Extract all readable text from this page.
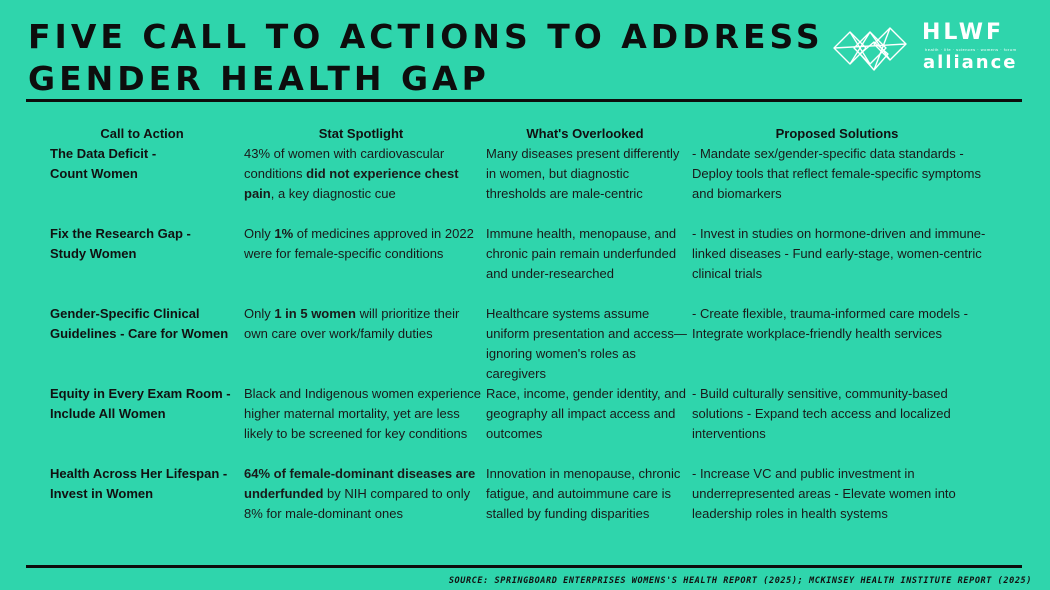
FIVE CALL TO ACTIONS TO ADDRESS
GENDER HEALTH GAP
HLWF
health · life · sciences · womens · forum
alliance
Call to Action	Stat Spotlight	What's Overlooked	Proposed Solutions
The Data Deficit -
Count Women	43% of women with cardiovascular conditions did not experience chest pain, a key diagnostic cue	Many diseases present differently in women, but diagnostic thresholds are male-centric	- Mandate sex/gender-specific data standards - Deploy tools that reflect female-specific symptoms and biomarkers
Fix the Research Gap -
Study Women	Only 1% of medicines approved in 2022 were for female-specific conditions	Immune health, menopause, and chronic pain remain underfunded and under-researched	- Invest in studies on hormone-driven and immune-linked diseases - Fund early-stage, women-centric clinical trials
Gender-Specific Clinical
Guidelines - Care for Women	Only 1 in 5 women will prioritize their own care over work/family duties	Healthcare systems assume uniform presentation and access—ignoring women's roles as caregivers	- Create flexible, trauma-informed care models - Integrate workplace-friendly health services
Equity in Every Exam Room -
Include All Women	Black and Indigenous women experience higher maternal mortality, yet are less likely to be screened for key conditions	Race, income, gender identity, and geography all impact access and outcomes	- Build culturally sensitive, community-based solutions - Expand tech access and localized interventions
Health Across Her Lifespan -
Invest in Women	64% of female-dominant diseases are underfunded by NIH compared to only 8% for male-dominant ones	Innovation in menopause, chronic fatigue, and autoimmune care is stalled by funding disparities	- Increase VC and public investment in underrepresented areas - Elevate women into leadership roles in health systems
SOURCE: SPRINGBOARD ENTERPRISES WOMENS'S HEALTH REPORT (2025); MCKINSEY HEALTH INSTITUTE REPORT (2025)
